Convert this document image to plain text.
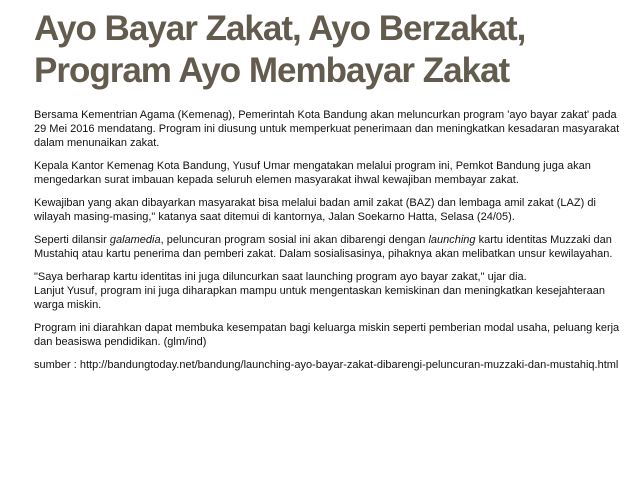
Ayo Bayar Zakat, Ayo Berzakat, Program Ayo Membayar Zakat

Bersama Kementrian Agama (Kemenag), Pemerintah Kota Bandung akan meluncurkan program 'ayo bayar zakat' pada 29 Mei 2016 mendatang. Program ini diusung untuk memperkuat penerimaan dan meningkatkan kesadaran masyarakat dalam menunaikan zakat.

Kepala Kantor Kemenag Kota Bandung, Yusuf Umar mengatakan melalui program ini, Pemkot Bandung juga akan mengedarkan surat imbauan kepada seluruh elemen masyarakat ihwal kewajiban membayar zakat.

Kewajiban yang akan dibayarkan masyarakat bisa melalui badan amil zakat (BAZ) dan lembaga amil zakat (LAZ) di wilayah masing-masing," katanya saat ditemui di kantornya, Jalan Soekarno Hatta, Selasa (24/05).

Seperti dilansir galamedia, peluncuran program sosial ini akan dibarengi dengan launching kartu identitas Muzzaki dan Mustahiq atau kartu penerima dan pemberi zakat. Dalam sosialisasinya, pihaknya akan melibatkan unsur kewilayahan.

"Saya berharap kartu identitas ini juga diluncurkan saat launching program ayo bayar zakat," ujar dia.

Lanjut Yusuf, program ini juga diharapkan mampu untuk mengentaskan kemiskinan dan meningkatkan kesejahteraan warga miskin.

Program ini diarahkan dapat membuka kesempatan bagi keluarga miskin seperti pemberian modal usaha, peluang kerja dan beasiswa pendidikan. (glm/ind)

sumber : http://bandungtoday.net/bandung/launching-ayo-bayar-zakat-dibarengi-peluncuran-muzzaki-dan-mustahiq.html
